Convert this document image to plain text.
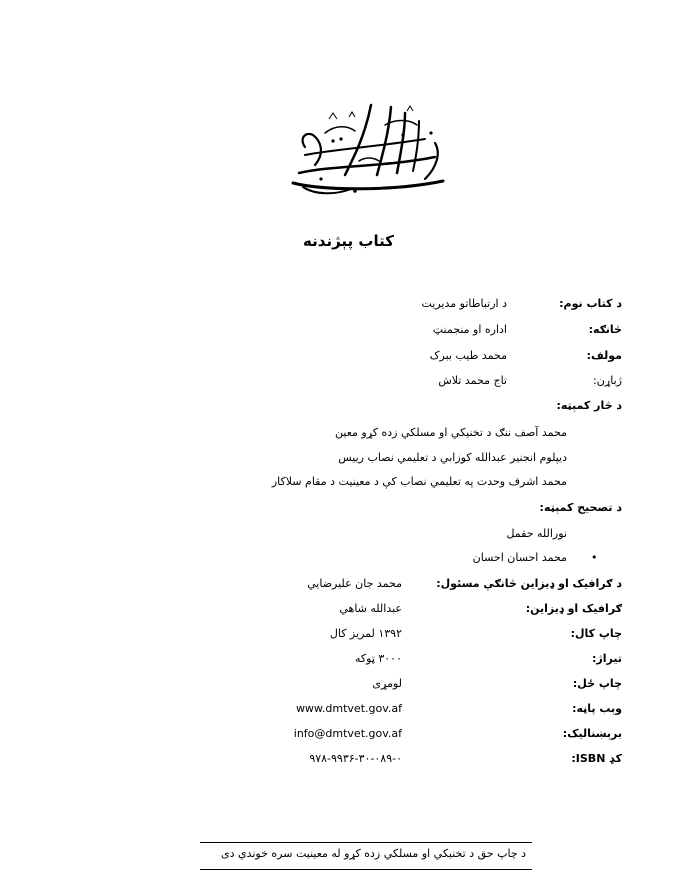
کتاب پېژندنه
د کتاب نوم:
د ارتباطاتو مدیریت
څانګه:
اداره او منجمنټ
مولف:
محمد طیب ببرک
ژباړن:
تاج محمد تلاش
د څار کمېټه:
محمد آصف ننګ د تخنیکي او مسلکي زده کړو معین
دیپلوم انجنیر عبدالله کوزابي د تعلیمي نصاب رییس
محمد اشرف وحدت په تعلیمي نصاب کې د معینیت د مقام سلاکار
د تصحیح کمېټه:
نورالله حقمل
•
محمد احسان احسان
د ګرافیک او ډیزاین څانګې مسئول:
محمد جان علیرضایي
ګرافیک او ډیزاین:
عبدالله شاهي
چاپ کال:
۱۳۹۲ لمریز کال
تیراژ:
۳۰۰۰ ټوکه
چاپ ځل:
لومړی
وېب پاڼه:
www.dmtvet.gov.af
برېښنالیک:
info@dmtvet.gov.af
کډ ISBN:
۹۷۸-۹۹۳۶-۳۰-۰۸۹-۰
د چاپ حق د تخنیکي او مسلکي زده کړو له معینیت سره خوندي دی
